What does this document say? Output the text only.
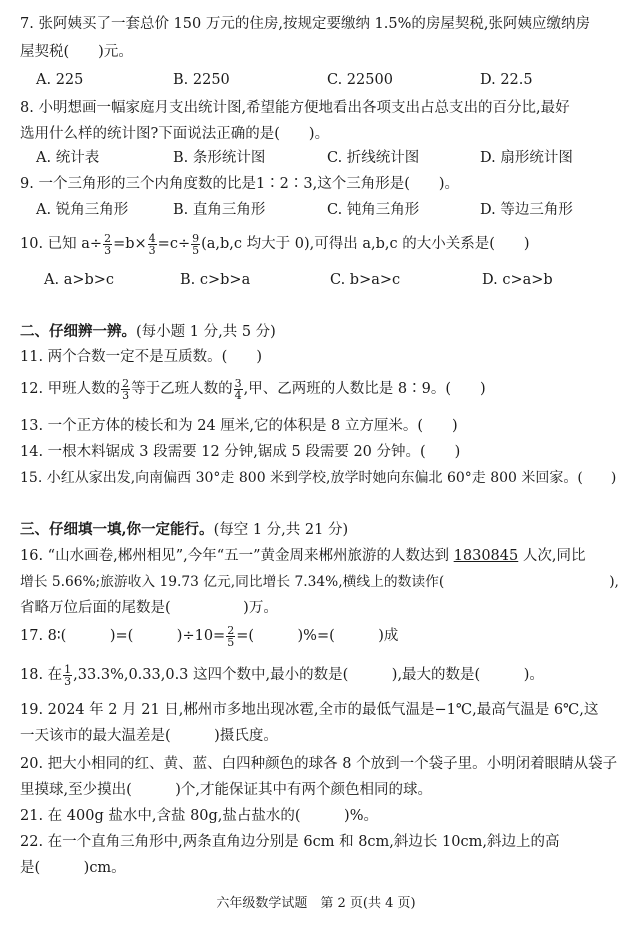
7. 张阿姨买了一套总价 150 万元的住房,按规定要缴纳 1.5%的房屋契税,张阿姨应缴纳房
屋契税(　　)元。
A. 225	B. 2250	C. 22500	D. 22.5
8. 小明想画一幅家庭月支出统计图,希望能方便地看出各项支出占总支出的百分比,最好
选用什么样的统计图?下面说法正确的是(　　)。
A. 统计表	B. 条形统计图	C. 折线统计图	D. 扇形统计图
9. 一个三角形的三个内角度数的比是1∶2∶3,这个三角形是(　　)。
A. 锐角三角形	B. 直角三角形	C. 钝角三角形	D. 等边三角形
10. 已知 $a\div \frac{2}{3} =b\times \frac{4}{3} =c\div \frac{9}{5} (a,b,c$ 均大于 0),可得出 a,b,c 的大小关系是(　　)
A. a>b>c	B. c>b>a	C. b>a>c	D. c>a>b
二、仔细辨一辨。(每小题 1 分,共 5 分)
11. 两个合数一定不是互质数。(　　)
12. 甲班人数的 $\frac{2}{3}$ 等于乙班人数的 $\frac{3}{4}$ ,甲、乙两班的人数比是 8∶9。(　　)
13. 一个正方体的棱长和为 24 厘米,它的体积是 8 立方厘米。(　　)
14. 一根木料锯成 3 段需要 12 分钟,锯成 5 段需要 20 分钟。(　　)
15. 小红从家出发,向南偏西 30°走 800 米到学校,放学时她向东偏北 60°走 800 米回家。(　　)
三、仔细填一填,你一定能行。(每空 1 分,共 21 分)
16. “山水画卷,郴州相见”,今年“五一”黄金周来郴州旅游的人数达到 1830845 人次,同比
增长 5.66%;旅游收入 19.73 亿元,同比增长 7.34%,横线上的数读作(　　　　　　　　　　　　),
省略万位后面的尾数是(　　　　　)万。
17. 8∶(　　　)=(　　　)$\div 10= \frac{2}{5}$ =(　　　)%=(　　　)成
18. 在 $\frac{1}{3} ,33.3\%,0.33,0.3$ 这四个数中,最小的数是(　　　),最大的数是(　　　)。
19. 2024 年 2 月 21 日,郴州市多地出现冰雹,全市的最低气温是−1℃,最高气温是 6℃,这
一天该市的最大温差是(　　　)摄氏度。
20. 把大小相同的红、黄、蓝、白四种颜色的球各 8 个放到一个袋子里。小明闭着眼睛从袋子
里摸球,至少摸出(　　　)个,才能保证其中有两个颜色相同的球。
21. 在 400g 盐水中,含盐 80g,盐占盐水的(　　　)%。
22. 在一个直角三角形中,两条直角边分别是 6cm 和 8cm,斜边长 10cm,斜边上的高
是(　　　)cm。
六年级数学试题　第 2 页(共 4 页)
